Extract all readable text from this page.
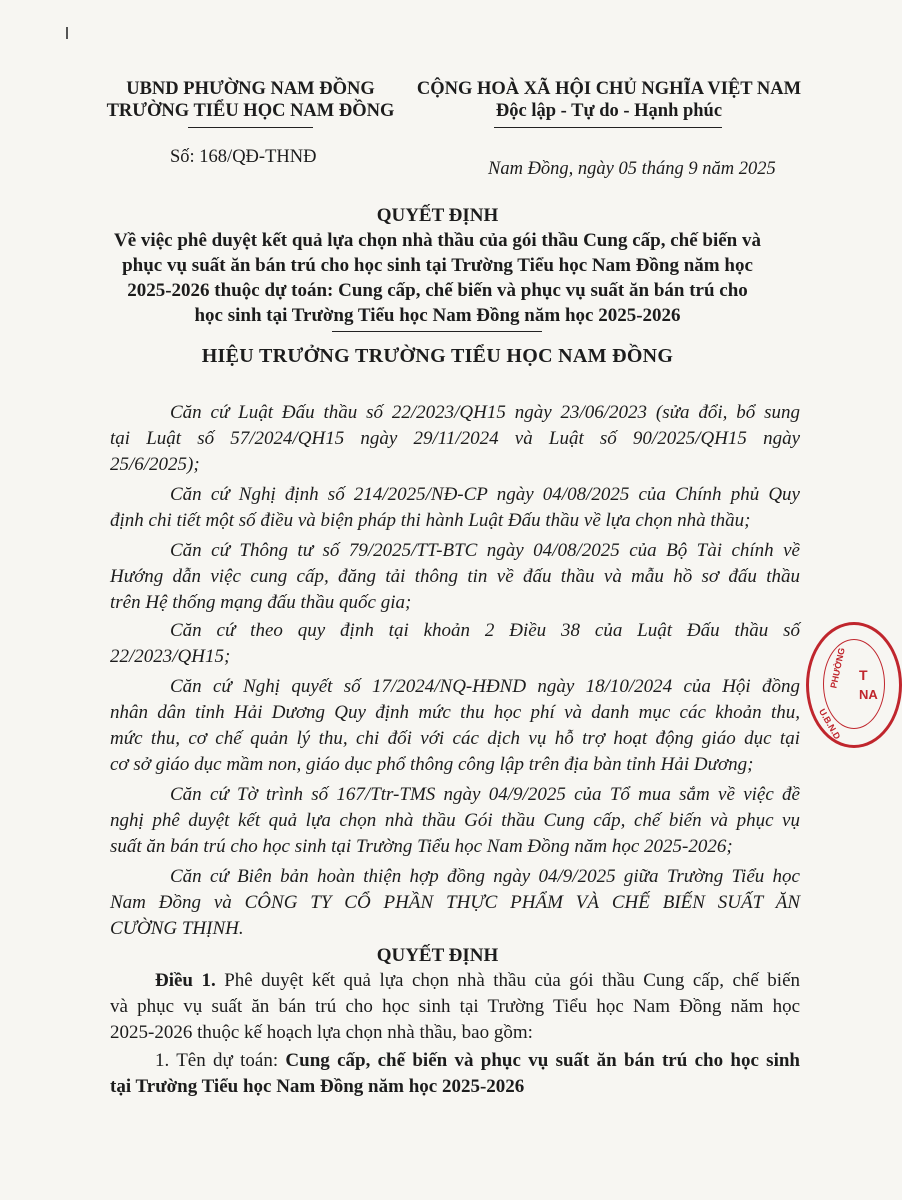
UBND PHƯỜNG NAM ĐỒNG
TRƯỜNG TIỂU HỌC NAM ĐỒNG
CỘNG HOÀ XÃ HỘI CHỦ NGHĨA VIỆT NAM
Độc lập - Tự do - Hạnh phúc
Số: 168/QĐ-THNĐ
Nam Đồng, ngày 05 tháng 9 năm 2025
QUYẾT ĐỊNH
Về việc phê duyệt kết quả lựa chọn nhà thầu của gói thầu Cung cấp, chế biến và
phục vụ suất ăn bán trú cho học sinh tại Trường Tiểu học Nam Đồng năm học
2025-2026 thuộc dự toán: Cung cấp, chế biến và phục vụ suất ăn bán trú cho
học sinh tại Trường Tiểu học Nam Đồng năm học 2025-2026
HIỆU TRƯỞNG TRƯỜNG TIỂU HỌC NAM ĐỒNG
Căn cứ Luật Đấu thầu số 22/2023/QH15 ngày 23/06/2023 (sửa đổi, bổ sung
tại Luật số 57/2024/QH15 ngày 29/11/2024 và Luật số 90/2025/QH15 ngày
25/6/2025);
Căn cứ Nghị định số 214/2025/NĐ-CP ngày 04/08/2025 của Chính phủ Quy
định chi tiết một số điều và biện pháp thi hành Luật Đấu thầu về lựa chọn nhà thầu;
Căn cứ Thông tư số 79/2025/TT-BTC ngày 04/08/2025 của Bộ Tài chính về
Hướng dẫn việc cung cấp, đăng tải thông tin về đấu thầu và mẫu hồ sơ đấu thầu
trên Hệ thống mạng đấu thầu quốc gia;
Căn cứ theo quy định tại khoản 2 Điều 38 của Luật Đấu thầu số
22/2023/QH15;
Căn cứ Nghị quyết số 17/2024/NQ-HĐND ngày 18/10/2024 của Hội đồng
nhân dân tỉnh Hải Dương Quy định mức thu học phí và danh mục các khoản thu,
mức thu, cơ chế quản lý thu, chi đối với các dịch vụ hỗ trợ hoạt động giáo dục tại
cơ sở giáo dục mầm non, giáo dục phổ thông công lập trên địa bàn tỉnh Hải Dương;
Căn cứ Tờ trình số 167/Ttr-TMS ngày 04/9/2025 của Tổ mua sắm về việc đề
nghị phê duyệt kết quả lựa chọn nhà thầu Gói thầu Cung cấp, chế biến và phục vụ
suất ăn bán trú cho học sinh tại Trường Tiểu học Nam Đồng năm học 2025-2026;
Căn cứ Biên bản hoàn thiện hợp đồng ngày 04/9/2025 giữa Trường Tiểu học
Nam Đồng và CÔNG TY CỔ PHẦN THỰC PHẨM VÀ CHẾ BIẾN SUẤT ĂN
CƯỜNG THỊNH.
QUYẾT ĐỊNH
Điều 1. Phê duyệt kết quả lựa chọn nhà thầu của gói thầu Cung cấp, chế biến
và phục vụ suất ăn bán trú cho học sinh tại Trường Tiểu học Nam Đồng năm học
2025-2026 thuộc kế hoạch lựa chọn nhà thầu, bao gồm:
1. Tên dự toán: Cung cấp, chế biến và phục vụ suất ăn bán trú cho học sinh
tại Trường Tiểu học Nam Đồng năm học 2025-2026
PHƯỜNG T
NA
U.B.N.D
